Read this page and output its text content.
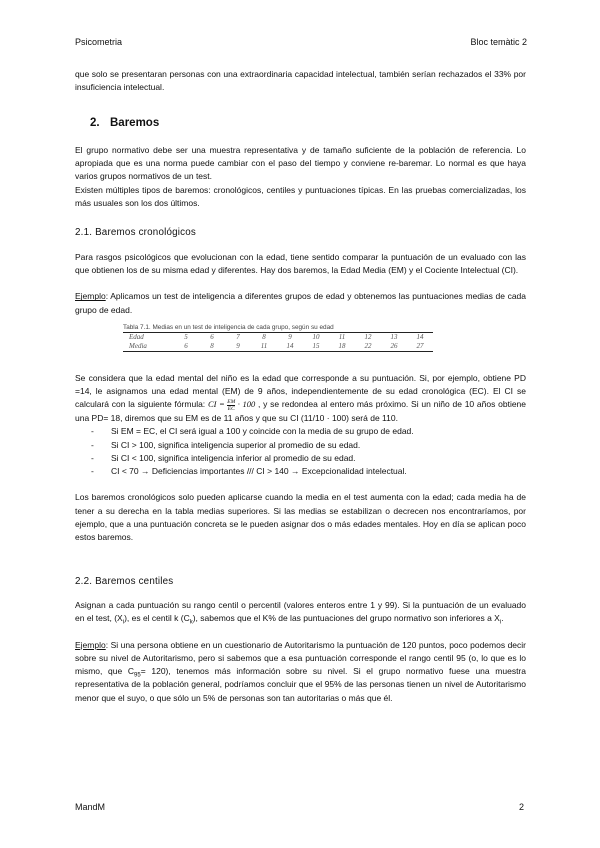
Psicometria	Bloc temàtic 2

que solo se presentaran personas con una extraordinaria capacidad intelectual, también serían rechazados el 33% por insuficiencia intelectual.

2. Baremos

El grupo normativo debe ser una muestra representativa y de tamaño suficiente de la población de referencia. Lo apropiada que es una norma puede cambiar con el paso del tiempo y conviene re-baremar. Lo normal es que haya varios grupos normativos de un test.

Existen múltiples tipos de baremos: cronológicos, centiles y puntuaciones típicas. En las pruebas comercializadas, los más usuales son los dos últimos.

2.1. Baremos cronológicos

Para rasgos psicológicos que evolucionan con la edad, tiene sentido comparar la puntuación de un evaluado con las que obtienen los de su misma edad y diferentes. Hay dos baremos, la Edad Media (EM) y el Cociente Intelectual (CI).

Ejemplo: Aplicamos un test de inteligencia a diferentes grupos de edad y obtenemos las puntuaciones medias de cada grupo de edad.

Tabla 7.1. Medias en un test de inteligencia de cada grupo, según su edad
Edad	5	6	7	8	9	10	11	12	13	14
Media	6	8	9	11	14	15	18	22	26	27

Se considera que la edad mental del niño es la edad que corresponde a su puntuación. Si, por ejemplo, obtiene PD =14, le asignamos una edad mental (EM) de 9 años, independientemente de su edad cronológica (EC). El CI se calculará con la siguiente fórmula: CI = $\frac{EM}{EC} \cdot 100$ , y se redondea al entero más próximo. Si un niño de 10 años obtiene una PD= 18, diremos que su EM es de 11 años y que su CI (11/10 · 100) será de 110.

- Si EM = EC, el CI será igual a 100 y coincide con la media de su grupo de edad.
- Si CI > 100, significa inteligencia superior al promedio de su edad.
- Si CI < 100, significa inteligencia inferior al promedio de su edad.
- CI < 70 → Deficiencias importantes /// CI > 140 → Excepcionalidad intelectual.

Los baremos cronológicos solo pueden aplicarse cuando la media en el test aumenta con la edad; cada media ha de tener a su derecha en la tabla medias superiores. Si las medias se estabilizan o decrecen nos encontraríamos, por ejemplo, que a una puntuación concreta se le pueden asignar dos o más edades mentales. Hoy en día se aplican poco estos baremos.

2.2. Baremos centiles

Asignan a cada puntuación su rango centil o percentil (valores enteros entre 1 y 99). Si la puntuación de un evaluado en el test, $(X_i)$, es el centil k $(C_k)$, sabemos que el K% de las puntuaciones del grupo normativo son inferiores a $X_i$.

Ejemplo: Si una persona obtiene en un cuestionario de Autoritarismo la puntuación de 120 puntos, poco podemos decir sobre su nivel de Autoritarismo, pero si sabemos que a esa puntuación corresponde el rango centil 95 (o, lo que es lo mismo, que $C_{95}= 120$), tenemos más información sobre su nivel. Si el grupo normativo fuese una muestra representativa de la población general, podríamos concluir que el 95% de las personas tienen un nivel de Autoritarismo menor que el suyo, o que sólo un 5% de personas son tan autoritarias o más que él.

MandM	2
